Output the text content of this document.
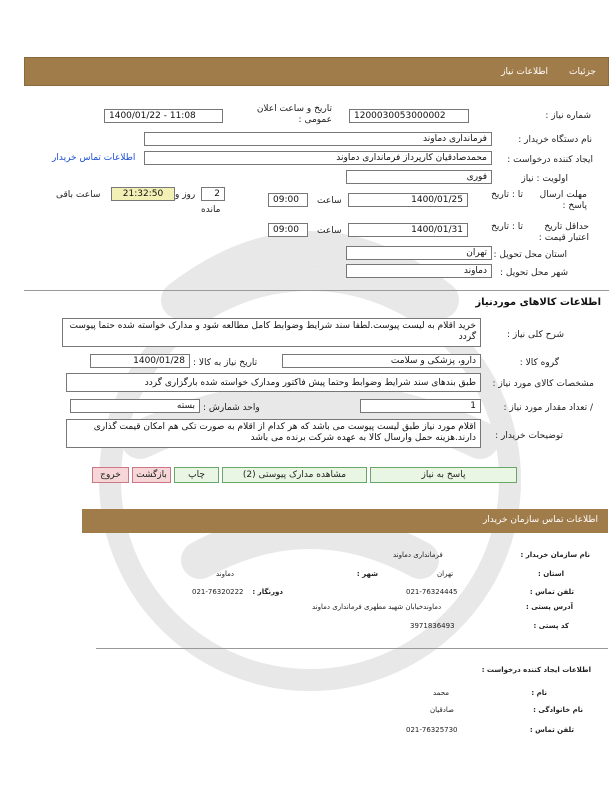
جزئیات
اطلاعات نیاز
شماره نیاز :
1200030053000002
تاریخ و ساعت اعلان عمومی :
1400/01/22 - 11:08
نام دستگاه خریدار :
فرمانداری دماوند
ایجاد کننده درخواست :
محمدصادقیان کارپرداز فرمانداری دماوند
اطلاعات تماس خریدار
اولویت : نیاز
فوری
مهلت ارسال پاسخ :
تا : تاریخ
1400/01/25
ساعت
09:00
2
روز و
مانده
21:32:50
ساعت باقی
حداقل تاریخ اعتبار قیمت :
تا : تاریخ
1400/01/31
ساعت
09:00
استان محل تحویل :
تهران
شهر محل تحویل :
دماوند
اطلاعات کالاهای موردنیاز
شرح کلی نیاز :
خرید اقلام به لیست پیوست.لطفا سند شرایط وضوابط کامل مطالعه شود و مدارک خواسته شده حتما پیوست گردد
گروه کالا :
دارو، پزشکی و سلامت
تاریخ نیاز به کالا :
1400/01/28
مشخصات کالای مورد نیاز :
طبق بندهای سند شرایط وضوابط وحتما پیش فاکتور ومدارک خواسته شده بارگزاری گردد
/ تعداد مقدار مورد نیاز :
1
واحد شمارش :
بسته
توضیحات خریدار :
اقلام مورد نیاز طبق لیست پیوست می باشد که هر کدام از اقلام به صورت تکی هم امکان قیمت گذاری دارند.هزینه حمل وارسال کالا به عهده شرکت برنده می باشد
پاسخ به نیاز
مشاهده مدارک پیوستی (2)
چاپ
بازگشت
خروج
اطلاعات تماس سازمان خریدار
نام سازمان خریدار :
فرمانداری دماوند
استان :
تهران
شهر :
دماوند
تلفن تماس :
021-76324445
دورنگار :
021-76320222
آدرس پستی :
دماوندخیابان شهید مطهری فرمانداری دماوند
کد پستی :
3971836493
اطلاعات ایجاد کننده درخواست :
نام :
محمد
نام خانوادگی :
صادقیان
تلفن تماس :
021-76325730
